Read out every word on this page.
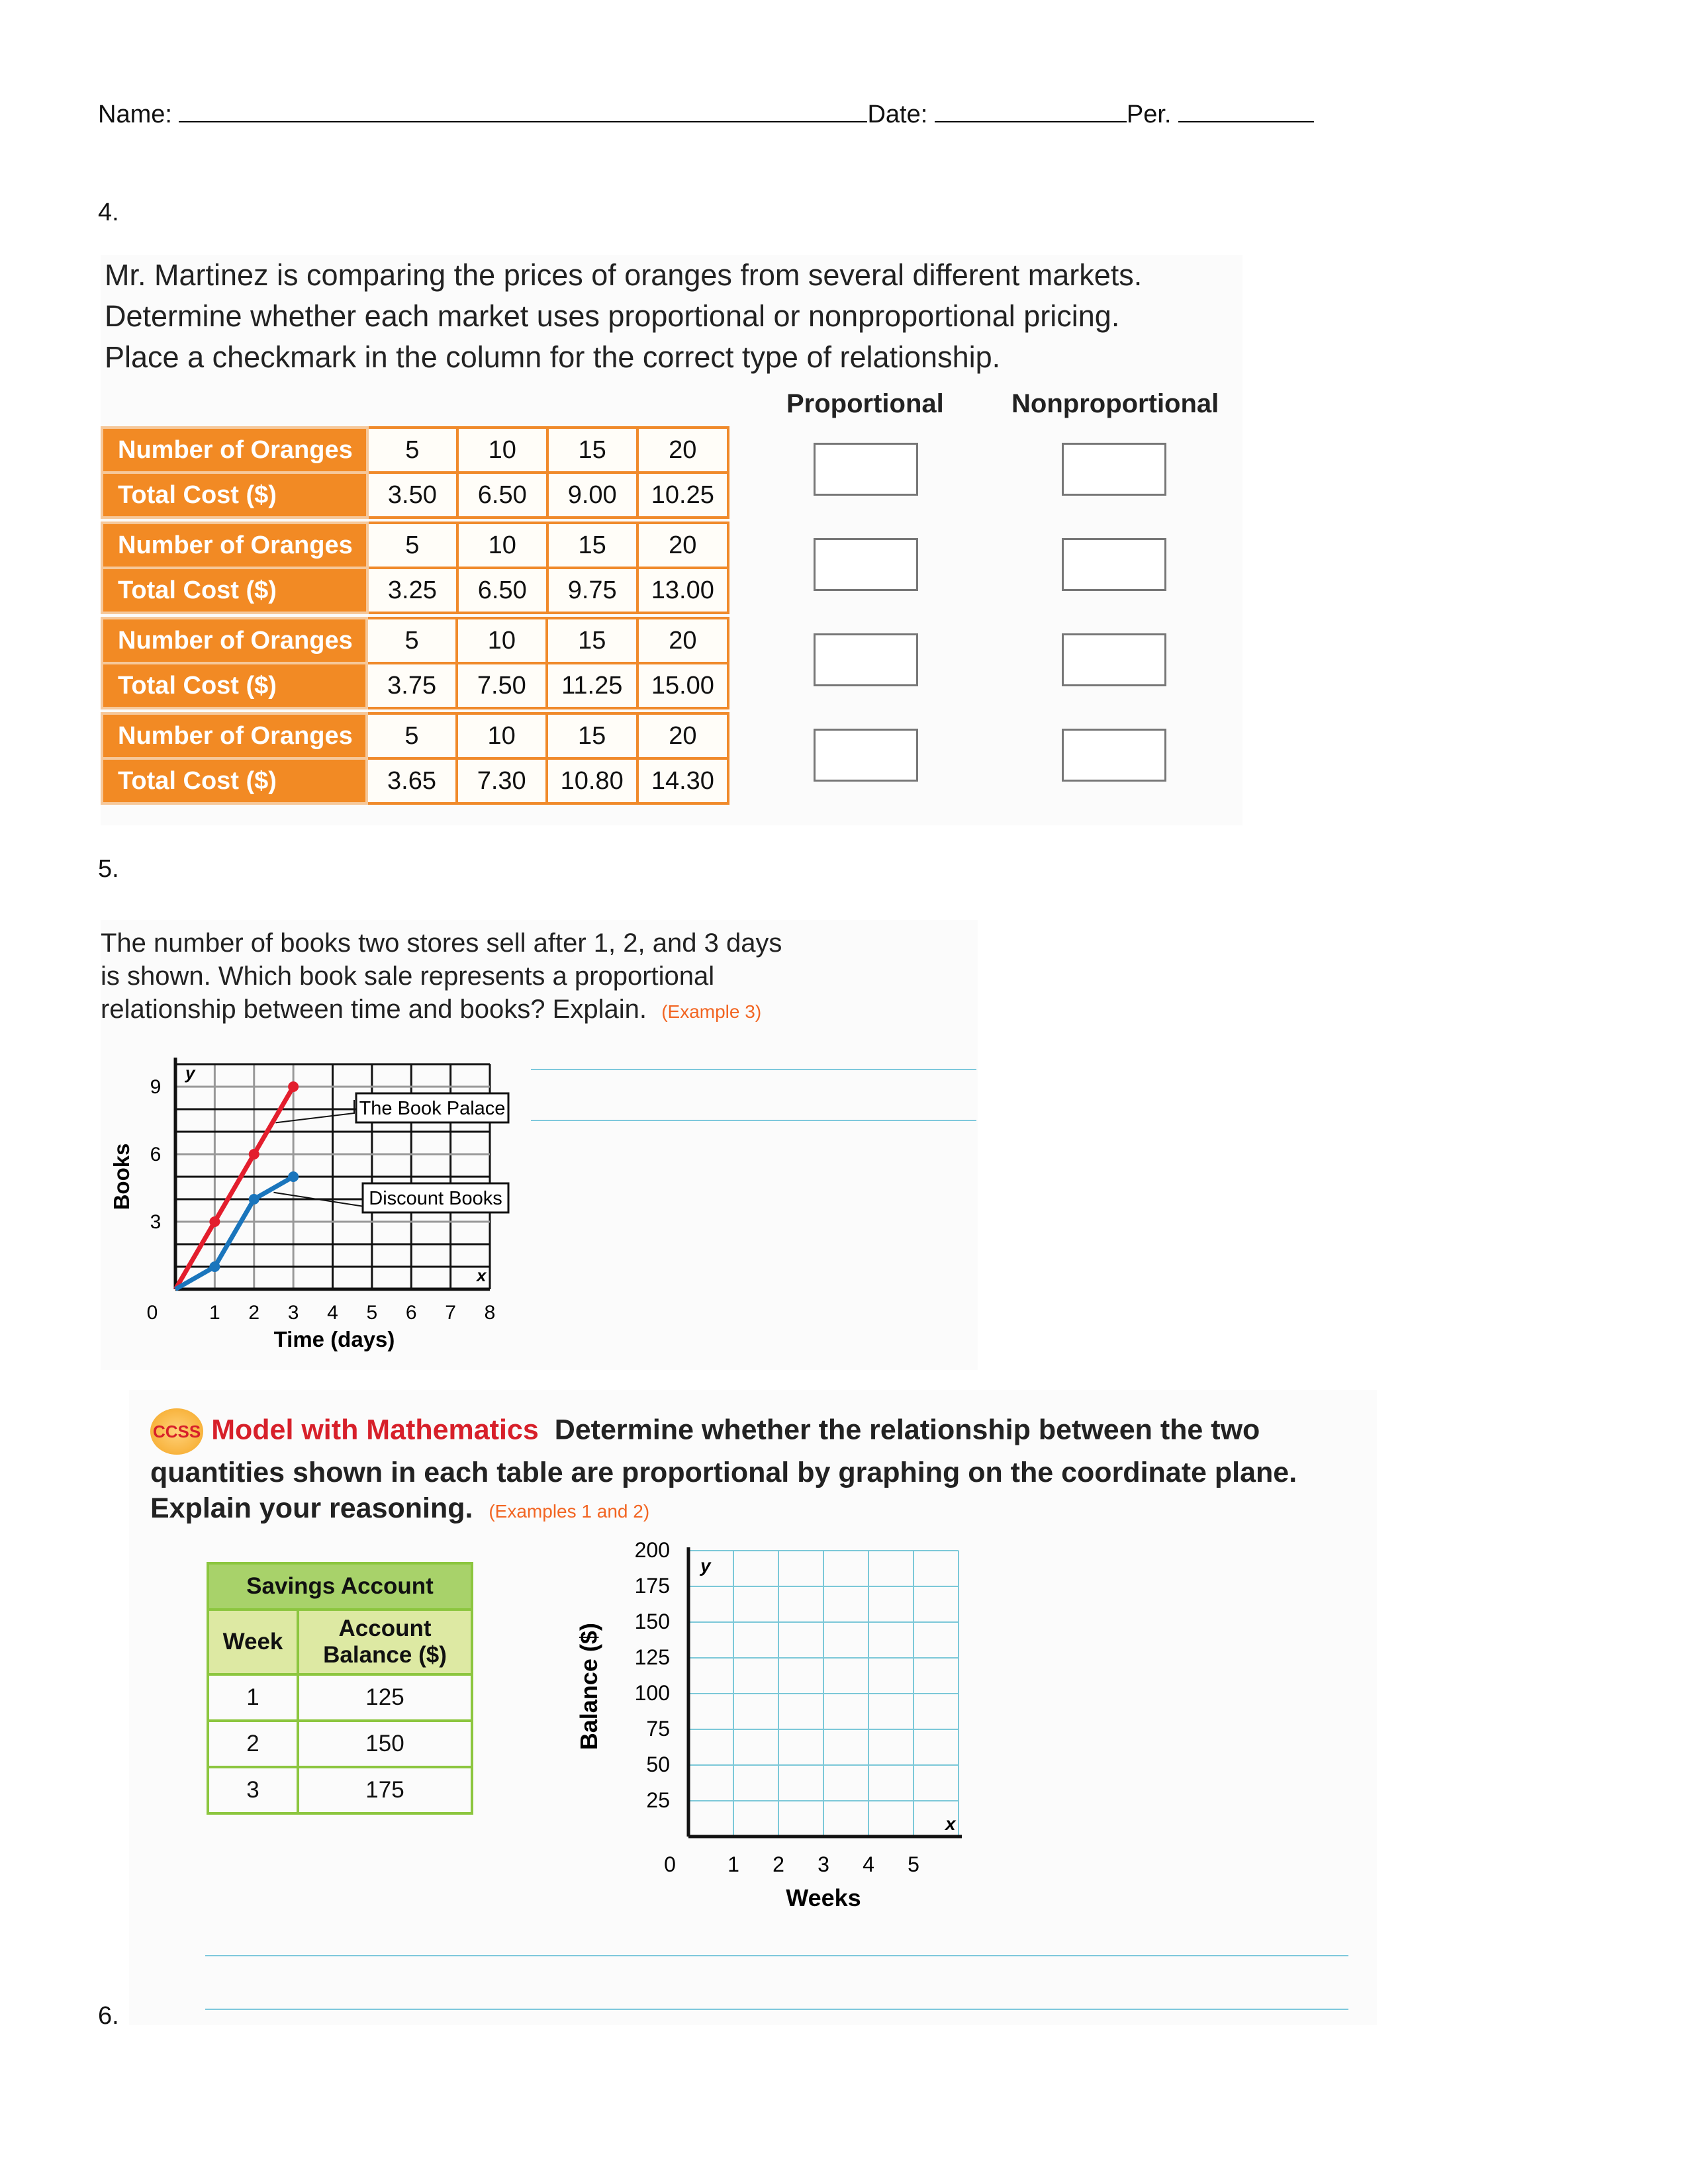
Name:	Date:	Per.
4.
Mr. Martinez is comparing the prices of oranges from several different markets.
Determine whether each market uses proportional or nonproportional pricing.
Place a checkmark in the column for the correct type of relationship.
Proportional	Nonproportional
Number of Oranges	5	10	15	20
Total Cost ($)	3.50	6.50	9.00	10.25
Number of Oranges	5	10	15	20
Total Cost ($)	3.25	6.50	9.75	13.00
Number of Oranges	5	10	15	20
Total Cost ($)	3.75	7.50	11.25	15.00
Number of Oranges	5	10	15	20
Total Cost ($)	3.65	7.30	10.80	14.30
5.
The number of books two stores sell after 1, 2, and 3 days
is shown. Which book sale represents a proportional
relationship between time and books? Explain. (Example 3)
y
x
0	1 2 3 4 5 6 7 8
3
6
9
Time (days)
Books
The Book Palace
Discount Books
CCSS Model with Mathematics Determine whether the relationship between the two quantities shown in each table are proportional by graphing on the coordinate plane. Explain your reasoning. (Examples 1 and 2)
Savings Account	
Week	Account Balance ($)
1	125
2	150
3	175
y
x
0 1 2 3 4 5
25
50
75
100
125
150
175
200
Weeks
Balance ($)
6.
